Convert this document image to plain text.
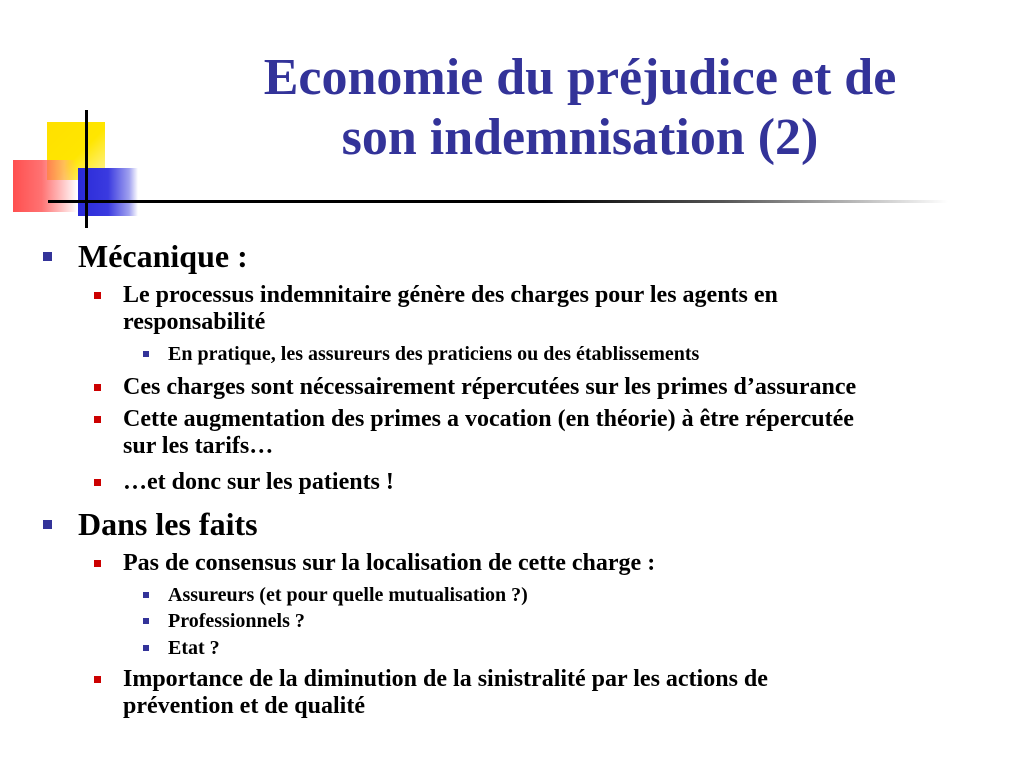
Economie du préjudice et de
son indemnisation (2)
Mécanique :
Le processus indemnitaire génère des charges pour les agents en
responsabilité
En pratique, les assureurs des praticiens ou des établissements
Ces charges sont nécessairement répercutées sur les primes d’assurance
Cette augmentation des primes a vocation (en théorie) à être répercutée
sur les tarifs…
…et donc sur les patients !
Dans les faits
Pas de consensus sur la localisation de cette charge :
Assureurs (et pour quelle mutualisation ?)
Professionnels ?
Etat ?
Importance de la diminution de la sinistralité par les actions de
prévention et de qualité
